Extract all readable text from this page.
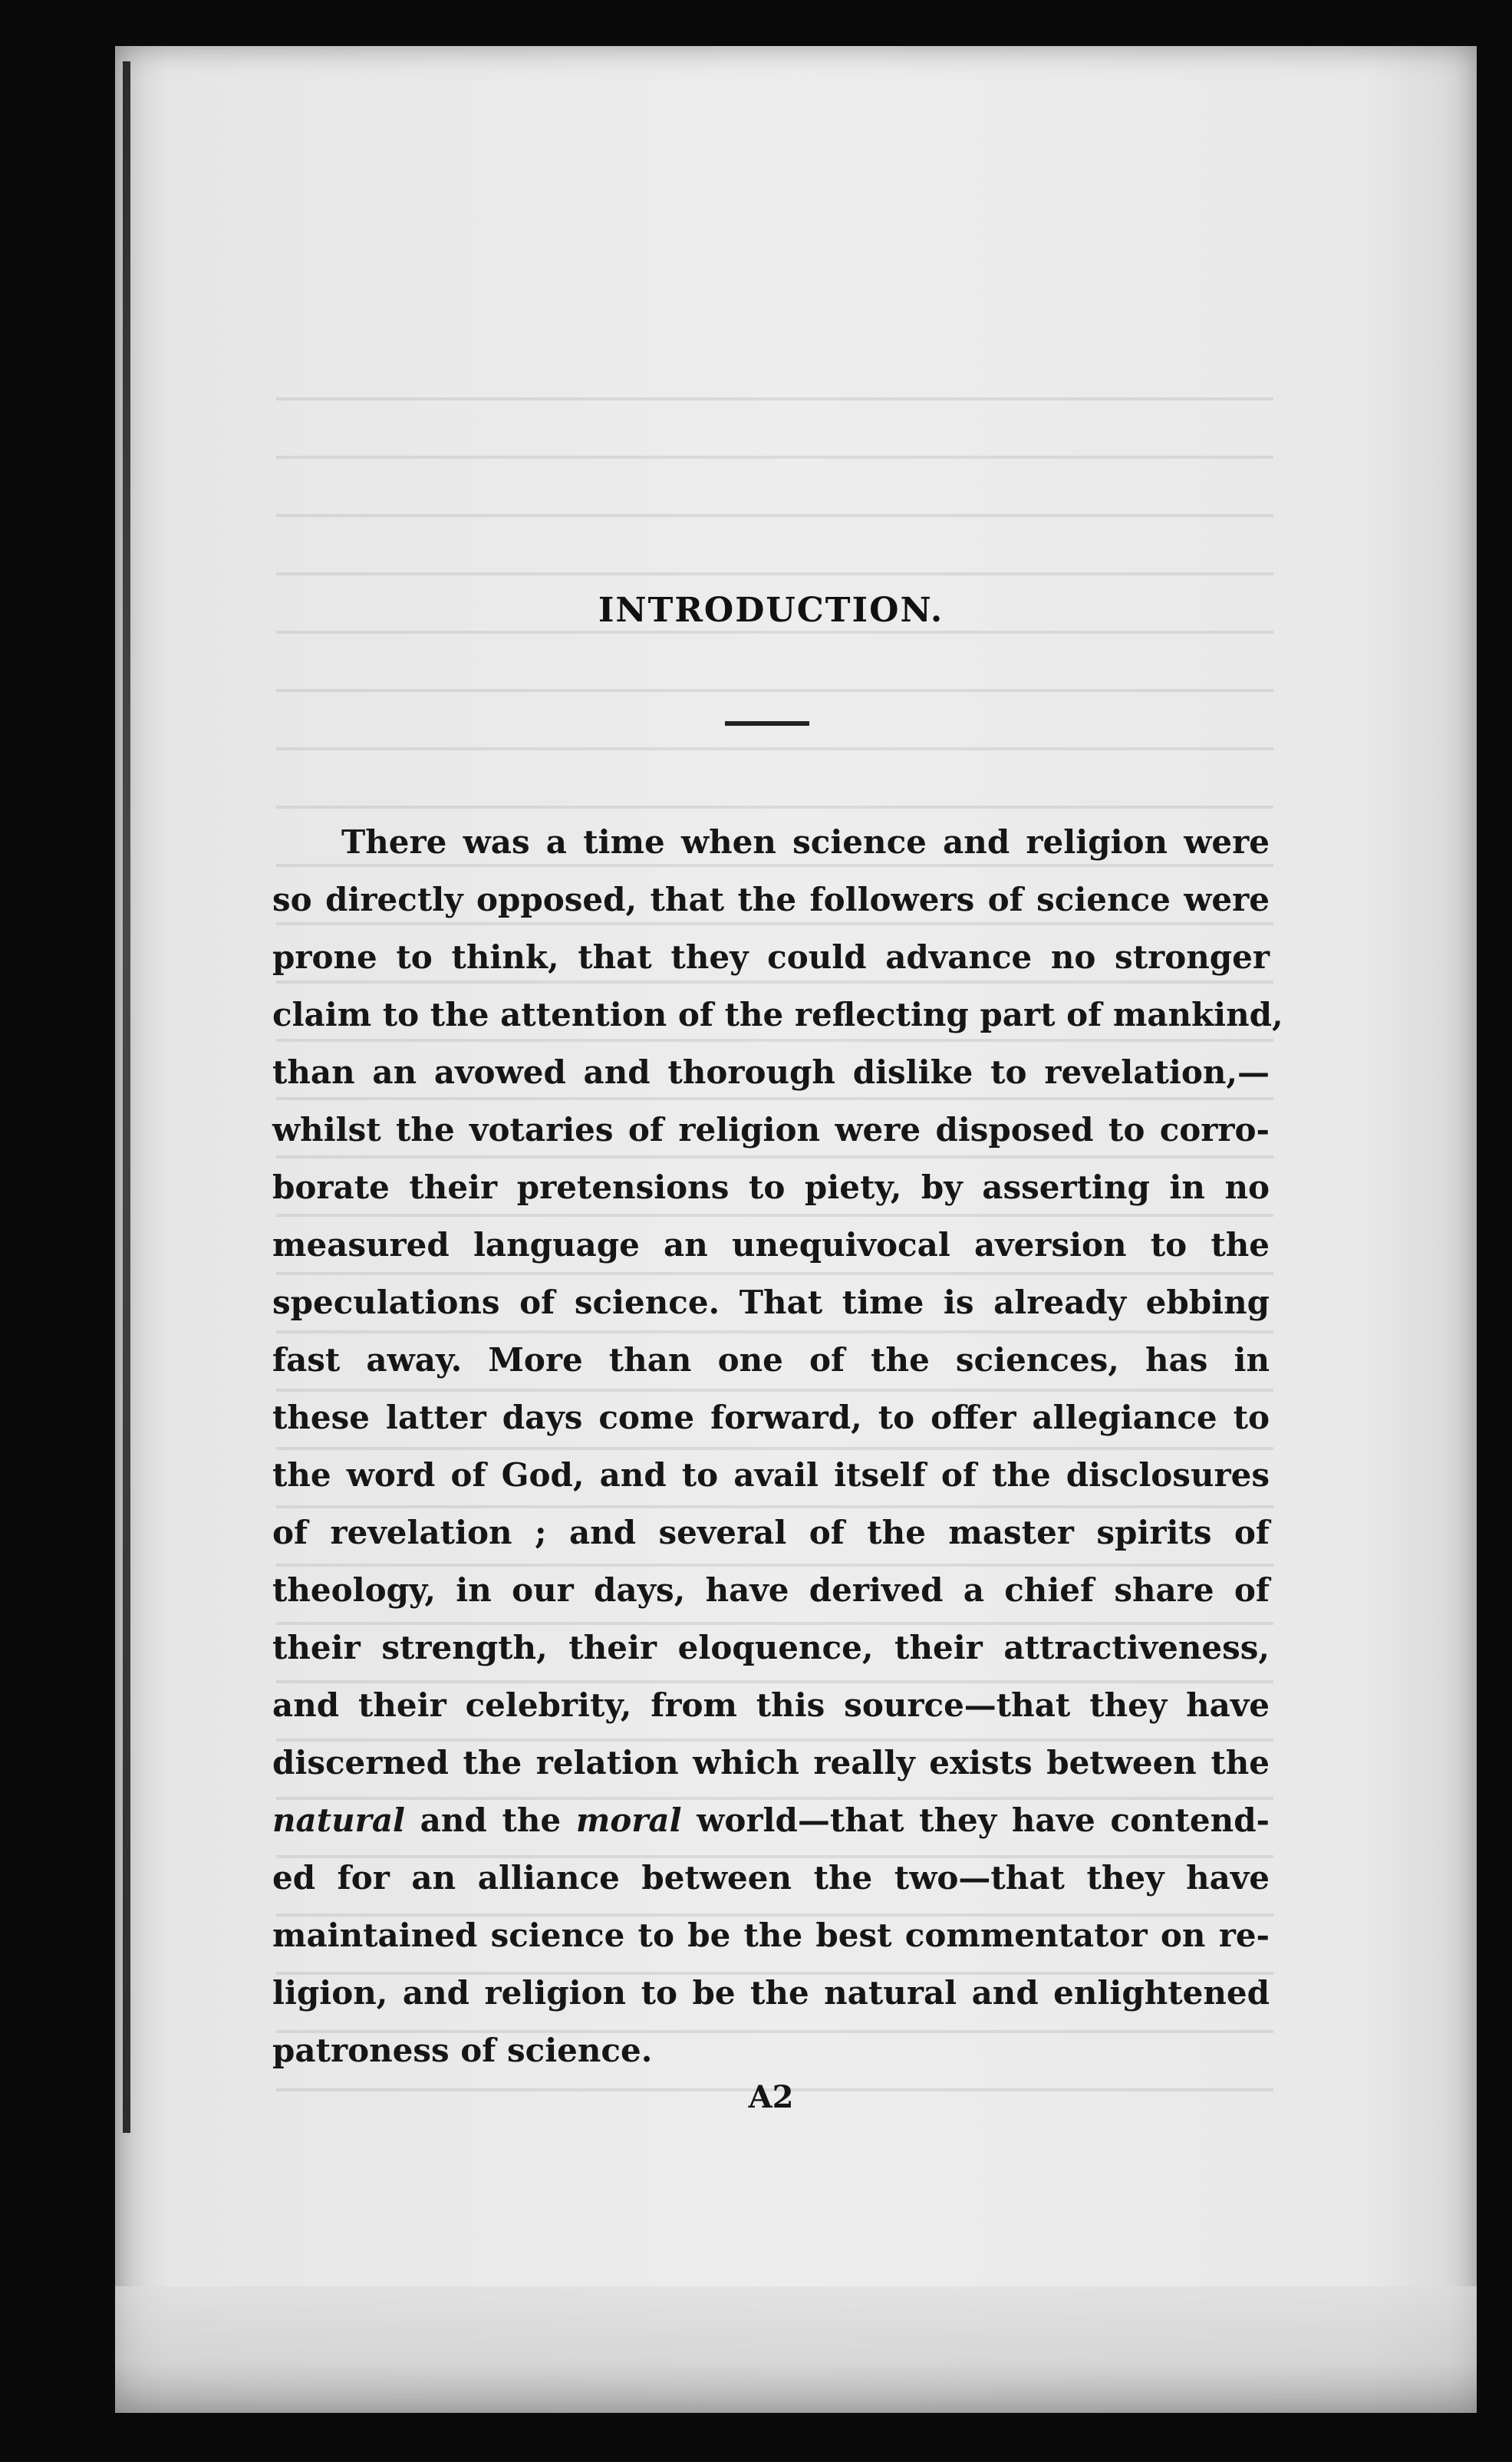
INTRODUCTION.
There was a time when science and religion were
so directly opposed, that the followers of science were
prone to think, that they could advance no stronger
claim to the attention of the reflecting part of mankind,
than an avowed and thorough dislike to revelation,—
whilst the votaries of religion were disposed to corro-
borate their pretensions to piety, by asserting in no
measured language an unequivocal aversion to the
speculations of science. That time is already ebbing
fast away. More than one of the sciences, has in
these latter days come forward, to offer allegiance to
the word of God, and to avail itself of the disclosures
of revelation ; and several of the master spirits of
theology, in our days, have derived a chief share of
their strength, their eloquence, their attractiveness,
and their celebrity, from this source—that they have
discerned the relation which really exists between the
natural and the moral world—that they have contend-
ed for an alliance between the two—that they have
maintained science to be the best commentator on re-
ligion, and religion to be the natural and enlightened
patroness of science.
A2
